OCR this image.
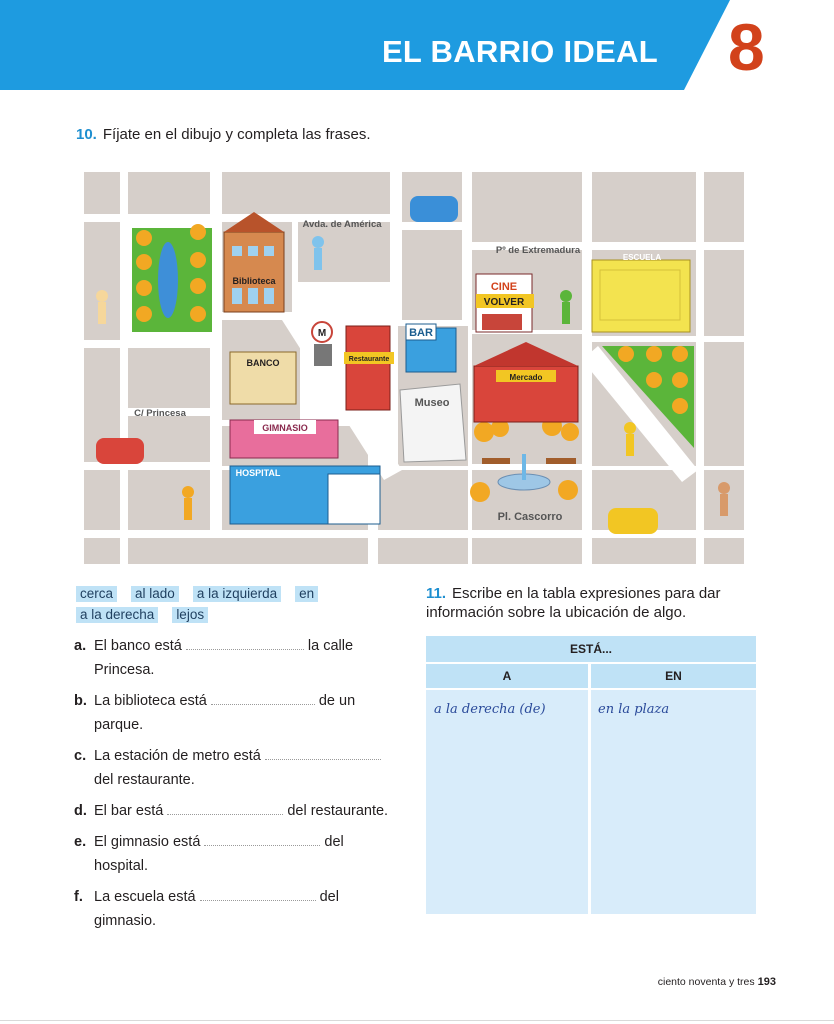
EL BARRIO IDEAL 8
10. Fíjate en el dibujo y completa las frases.
Biblioteca	CINE
VOLVER
ESCUELA
M
Restaurante
BAR
BANCO
Mercado
Museo
GIMNASIO
HOSPITAL
Avda. de América
Pº de Extremadura
C/ Princesa
Pl. Cascorro
cerca al lado a la izquierda en
a la derecha lejos
a. El banco está	la calle
Princesa.
b. La biblioteca está	de un
parque.
c. La estación de metro está
del restaurante.
d. El bar está	del restaurante.
e. El gimnasio está	del
hospital.
f. La escuela está	del
gimnasio.
11. Escribe en la tabla expresiones para dar información sobre la ubicación de algo.
ESTÁ...
A	EN
a la derecha (de)	en la plaza
ciento noventa y tres 193
